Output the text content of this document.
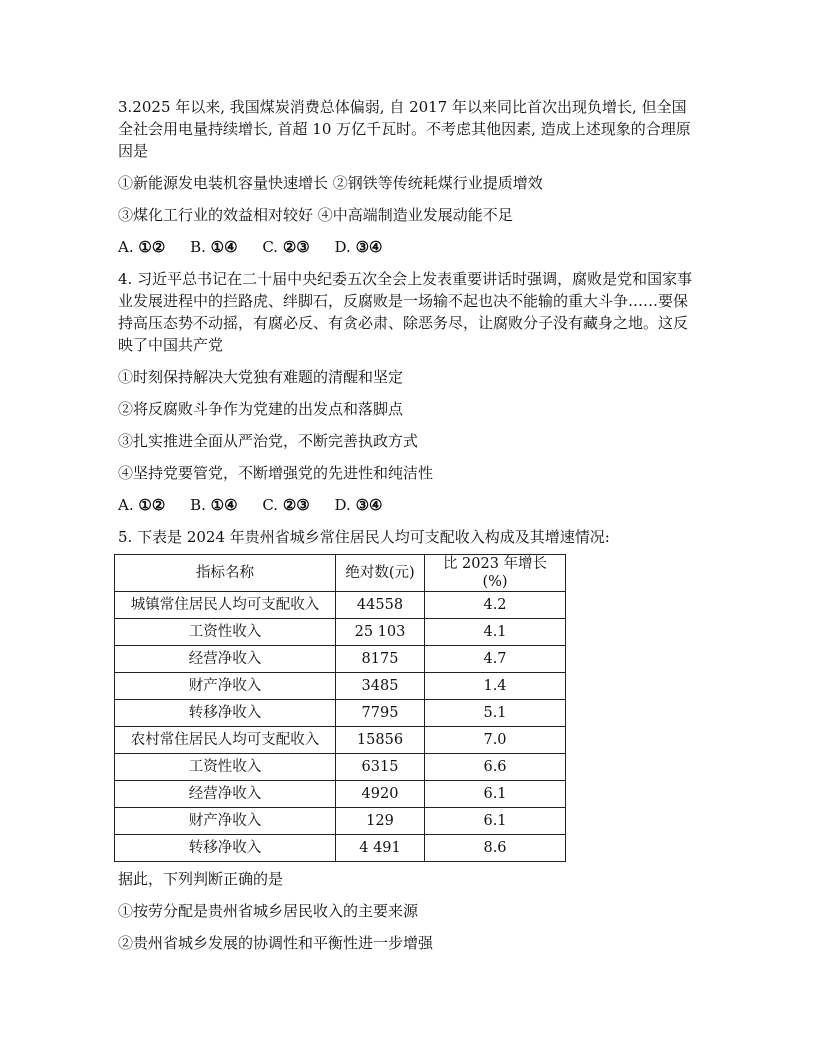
3.2025 年以来, 我国煤炭消费总体偏弱, 自 2017 年以来同比首次出现负增长, 但全国全社会用电量持续增长, 首超 10 万亿千瓦时。不考虑其他因素, 造成上述现象的合理原因是

①新能源发电装机容量快速增长 ②钢铁等传统耗煤行业提质增效

③煤化工行业的效益相对较好 ④中高端制造业发展动能不足

A. ①② B. ①④ C. ②③ D. ③④

4. 习近平总书记在二十届中央纪委五次全会上发表重要讲话时强调，腐败是党和国家事业发展进程中的拦路虎、绊脚石，反腐败是一场输不起也决不能输的重大斗争……要保持高压态势不动摇，有腐必反、有贪必肃、除恶务尽，让腐败分子没有藏身之地。这反映了中国共产党

①时刻保持解决大党独有难题的清醒和坚定

②将反腐败斗争作为党建的出发点和落脚点

③扎实推进全面从严治党，不断完善执政方式

④坚持党要管党，不断增强党的先进性和纯洁性

A. ①② B. ①④ C. ②③ D. ③④

5. 下表是 2024 年贵州省城乡常住居民人均可支配收入构成及其增速情况:

指标名称	绝对数(元)	比 2023 年增长 (%)
城镇常住居民人均可支配收入	44558	4.2
工资性收入	25 103	4.1
经营净收入	8175	4.7
财产净收入	3485	1.4
转移净收入	7795	5.1
农村常住居民人均可支配收入	15856	7.0
工资性收入	6315	6.6
经营净收入	4920	6.1
财产净收入	129	6.1
转移净收入	4 491	8.6

据此，下列判断正确的是

①按劳分配是贵州省城乡居民收入的主要来源

②贵州省城乡发展的协调性和平衡性进一步增强
